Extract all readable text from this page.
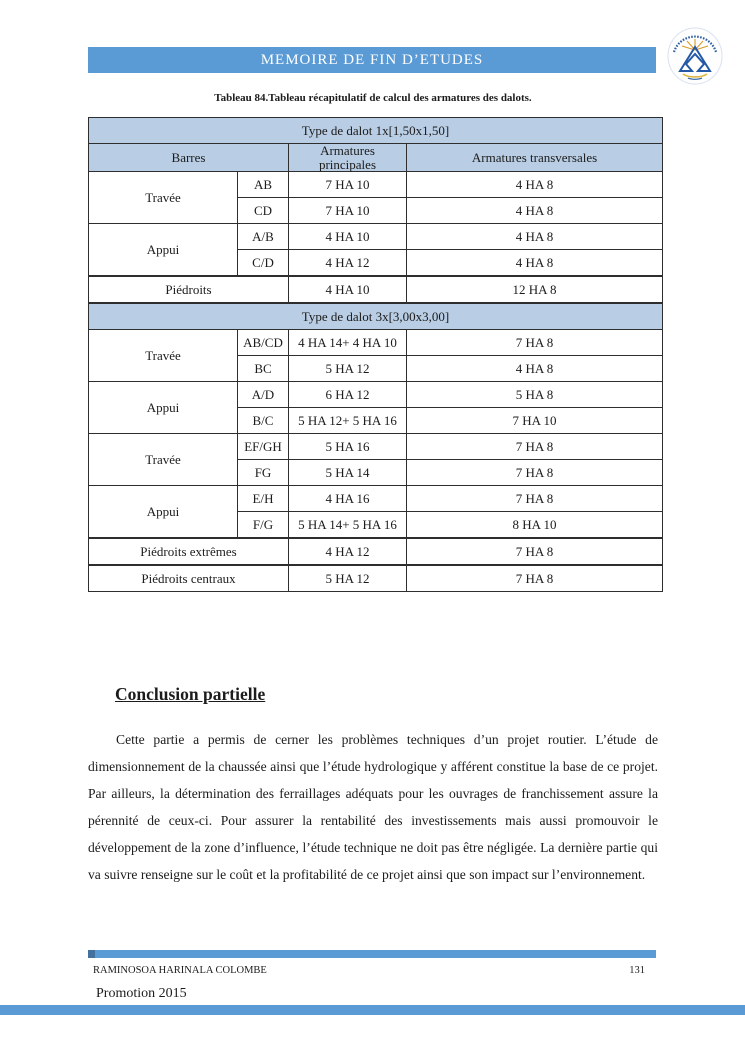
MEMOIRE DE FIN D’ETUDES
Tableau 84.Tableau récapitulatif de calcul des armatures des dalots.
Type de dalot 1x[1,50x1,50]			
Barres		Armatures principales	Armatures transversales
Travée	AB	7 HA 10	4 HA 8
	CD	7 HA 10	4 HA 8
Appui	A/B	4 HA 10	4 HA 8
	C/D	4 HA 12	4 HA 8
Piédroits	4 HA 10	12 HA 8
Type de dalot 3x[3,00x3,00]			
Travée	AB/CD	4 HA 14+ 4 HA 10	7 HA 8
	BC	5 HA 12	4 HA 8
Appui	A/D	6 HA 12	5 HA 8
	B/C	5 HA 12+ 5 HA 16	7 HA 10
Travée	EF/GH	5 HA 16	7 HA 8
	FG	5 HA 14	7 HA 8
Appui	E/H	4 HA 16	7 HA 8
	F/G	5 HA 14+ 5 HA 16	8 HA 10
Piédroits extrêmes	4 HA 12	7 HA 8
Piédroits centraux	5 HA 12	7 HA 8
Conclusion partielle
Cette partie a permis de cerner les problèmes techniques d’un projet routier. L’étude de dimensionnement de la chaussée ainsi que l’étude hydrologique y afférent constitue la base de ce projet. Par ailleurs, la détermination des ferraillages adéquats pour les ouvrages de franchissement assure la pérennité de ceux-ci. Pour assurer la rentabilité des investissements mais aussi promouvoir le développement de la zone d’influence, l’étude technique ne doit pas être négligée. La dernière partie qui va suivre renseigne sur le coût et la profitabilité de ce projet ainsi que son impact sur l’environnement.
RAMINOSOA HARINALA COLOMBE	131
Promotion 2015
